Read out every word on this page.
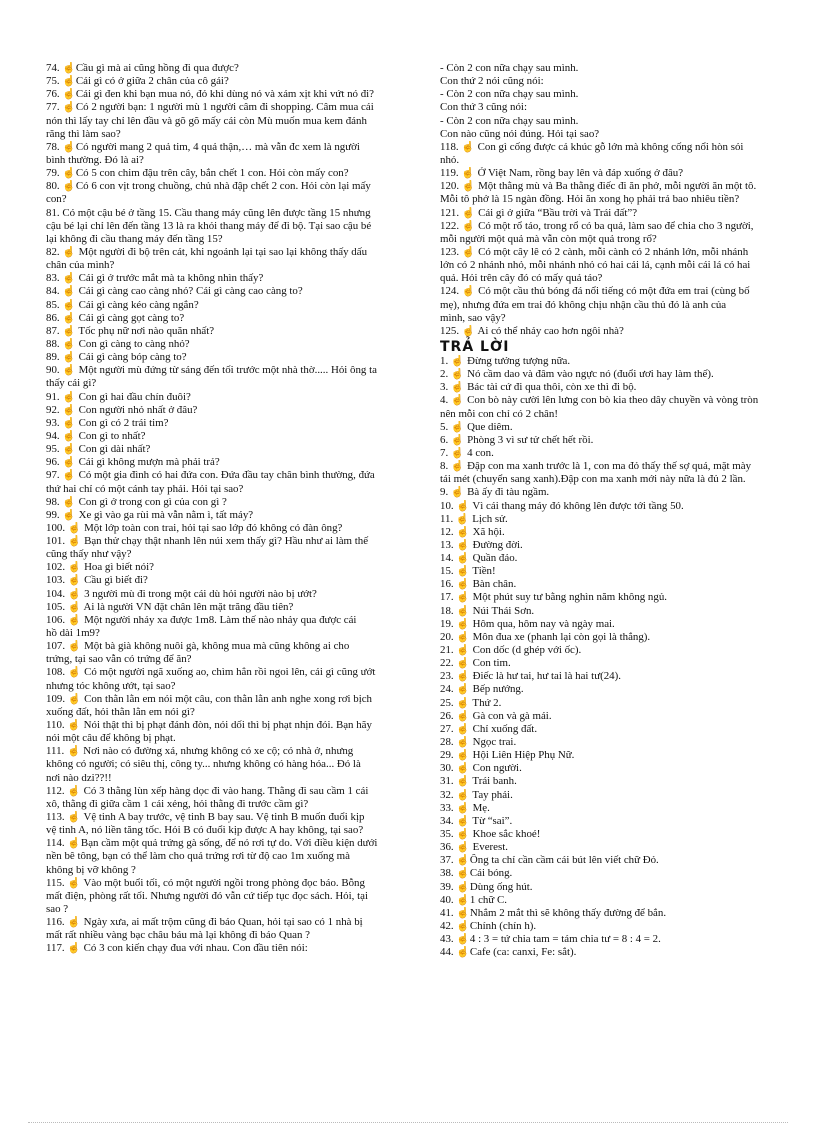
74. ☝Cầu gì mà ai cũng hồng đi qua được?
75. ☝Cái gì có ở giữa 2 chân của cô gái?
76. ☝Cái gì đen khi bạn mua nó, đỏ khi dùng nó và xám xịt khi vứt nó đi?
77. ☝Có 2 người bạn: 1 người mù 1 người câm đi shopping. Câm mua cái
nón thì lấy tay chỉ lên đầu và gõ gõ mấy cái còn Mù muốn mua kem đánh
răng thì làm sao?
78. ☝Có người mang 2 quả tim, 4 quả thận,… mà vẫn đc xem là người
bình thường. Đó là ai?
79. ☝Có 5 con chim đậu trên cây, bắn chết 1 con. Hỏi còn mấy con?
80. ☝Có 6 con vịt trong chuồng, chủ nhà đập chết 2 con. Hỏi còn lại mấy
con?
81. Có một cậu bé ở tầng 15. Cầu thang máy cũng lên được tầng 15 nhưng
cậu bé lại chỉ lên đến tầng 13 là ra khỏi thang máy để đi bộ. Tại sao cậu bé
lại không đi cầu thang máy đến tầng 15?
82. ☝ Một người đi bộ trên cát, khi ngoảnh lại tại sao lại không thấy dấu
chân của mình?
83. ☝ Cái gì ở trước mắt mà ta không nhìn thấy?
84. ☝ Cái gì càng cao càng nhỏ? Cái gì càng cao càng to?
85. ☝ Cái gì càng kéo càng ngắn?
86. ☝ Cái gì càng gọt càng to?
87. ☝ Tốc phụ nữ nơi nào quăn nhất?
88. ☝ Con gì càng to càng nhỏ?
89. ☝ Cái gì càng bóp càng to?
90. ☝ Một người mù đứng từ sáng đến tối trước một nhà thờ..... Hỏi ông ta
thấy cái gì?
91. ☝ Con gì hai đầu chín đuôi?
92. ☝ Con người nhỏ nhất ở đâu?
93. ☝ Con gì có 2 trái tim?
94. ☝ Con gì to nhất?
95. ☝ Con gì dài nhất?
96. ☝ Cái gì không mượn mà phải trả?
97. ☝ Có một gia đình có hai đứa con. Đứa đầu tay chân bình thường, đứa
thứ hai chỉ có một cánh tay phải. Hỏi tại sao?
98. ☝ Con gì ở trong con gì của con gì ?
99. ☝ Xe gì vào ga rùi mà vẫn nằm ì, tất máy?
100. ☝ Một lớp toàn con trai, hỏi tại sao lớp đó không có đàn ông?
101. ☝ Bạn thử chạy thật nhanh lên núi xem thấy gì? Hầu như ai làm thế
cũng thấy như vậy?
102. ☝ Hoa gì biết nói?
103. ☝ Cầu gì biết đi?
104. ☝ 3 người mù đi trong một cái dù hỏi người nào bị ướt?
105. ☝ Ai là người VN đặt chân lên mặt trăng đầu tiên?
106. ☝ Một người nhảy xa được 1m8. Làm thế nào nhảy qua được cái
hồ dài 1m9?
107. ☝ Một bà già không nuôi gà, không mua mà cũng không ai cho
trứng, tại sao vẫn có trứng để ăn?
108. ☝ Có một người ngã xuống ao, chìm hẳn rồi ngoi lên, cái gì cũng ướt
nhưng tóc không ướt, tại sao?
109. ☝ Con thằn lằn em nói một câu, con thằn lằn anh nghe xong rơi bịch
xuống đất, hỏi thằn lằn em nói gì?
110. ☝ Nói thật thì bị phạt đánh đòn, nói dối thì bị phạt nhịn đói. Bạn hãy
nói một câu để không bị phạt.
111. ☝ Nơi nào có đường xá, nhưng không có xe cộ; có nhà ở, nhưng
không có người; có siêu thị, công ty... nhưng không có hàng hóa... Đó là
nơi nào dzi??!!
112. ☝ Có 3 thằng lùn xếp hàng dọc đi vào hang. Thằng đi sau cầm 1 cái
xô, thằng đi giữa cầm 1 cái xẻng, hỏi thằng đi trước cầm gì?
113. ☝ Vệ tinh A bay trước, vệ tinh B bay sau. Vệ tinh B muốn đuổi kịp
vệ tinh A, nó liền tăng tốc. Hỏi B có đuổi kịp được A hay không, tại sao?
114. ☝Bạn cầm một quả trứng gà sống, để nó rơi tự do. Với điều kiện dưới
nền bê tông, bạn có thể làm cho quả trứng rơi từ độ cao 1m xuống mà
không bị vỡ không ?
115. ☝ Vào một buổi tối, có một người ngồi trong phòng đọc báo. Bỗng
mất điện, phòng rất tối. Nhưng người đó vẫn cứ tiếp tục đọc sách. Hỏi, tại
sao ?
116. ☝ Ngày xưa, ai mất trộm cũng đi báo Quan, hỏi tại sao có 1 nhà bị
mất rất nhiều vàng bạc châu báu mà lại không đi báo Quan ?
117. ☝ Có 3 con kiến chạy đua với nhau. Con đầu tiên nói:
- Còn 2 con nữa chạy sau mình.
Con thứ 2 nói cũng nói:
- Còn 2 con nữa chạy sau mình.
Con thứ 3 cũng nói:
- Còn 2 con nữa chạy sau mình.
Con nào cũng nói đúng. Hỏi tại sao?
118. ☝ Con gì cống được cả khúc gỗ lớn mà không cống nổi hòn sỏi
nhỏ.
119. ☝ Ở Việt Nam, rồng bay lên và đáp xuống ở đâu?
120. ☝ Một thằng mù và Ba thằng điếc đi ăn phở, mỗi người ăn một tô.
Mỗi tô phở là 15 ngàn đồng. Hỏi ăn xong họ phải trả bao nhiêu tiền?
121. ☝ Cái gì ở giữa “Bầu trời và Trái đất”?
122. ☝ Có một rổ táo, trong rổ có ba quả, làm sao để chia cho 3 người,
mỗi người một quả mà vẫn còn một quả trong rổ?
123. ☝ Có một cây lê có 2 cành, mỗi cành có 2 nhánh lớn, mỗi nhánh
lớn có 2 nhánh nhỏ, mỗi nhánh nhỏ có hai cái lá, cạnh mỗi cái lá có hai
quả. Hỏi trên cây đó có mấy quả táo?
124. ☝ Có một cầu thủ bóng đá nổi tiếng có một đứa em trai (cùng bố
mẹ), nhưng đứa em trai đó không chịu nhận cầu thủ đó là anh của
mình, sao vậy?
125. ☝ Ai có thể nhảy cao hơn ngôi nhà?
TRẢ LỜI
1. ☝ Đừng tưởng tượng nữa.
2. ☝ Nó cầm dao và đâm vào ngực nó (đuổi ươi hay làm thế).
3. ☝ Bác tài cứ đi qua thôi, còn xe thì đi bộ.
4. ☝ Con bò này cười lên lưng con bò kia theo dây chuyền và vòng tròn
nên mỗi con chỉ có 2 chân!
5. ☝ Que diêm.
6. ☝ Phòng 3 vì sư tử chết hết rồi.
7. ☝ 4 con.
8. ☝ Đập con ma xanh trước là 1, con ma đỏ thấy thế sợ quá, mặt mày
tái mét (chuyển sang xanh).Đập con ma xanh mới này nữa là đủ 2 lần.
9. ☝ Bà ấy đi tàu ngầm.
10. ☝ Vì cái thang máy đó không lên được tới tầng 50.
11. ☝ Lịch sử.
12. ☝ Xã hội.
13. ☝ Đường đời.
14. ☝ Quần đảo.
15. ☝ Tiền!
16. ☝ Bàn chân.
17. ☝ Một phút suy tư bằng nghìn năm không ngủ.
18. ☝ Núi Thái Sơn.
19. ☝ Hôm qua, hôm nay và ngày mai.
20. ☝ Môn đua xe (phanh lại còn gọi là thắng).
21. ☝ Con dốc (d ghép với ốc).
22. ☝ Con tim.
23. ☝ Điếc là hư tai, hư tai là hai tư(24).
24. ☝ Bếp nướng.
25. ☝ Thứ 2.
26. ☝ Gà con và gà mái.
27. ☝ Chỉ xuống đất.
28. ☝ Ngọc trai.
29. ☝ Hội Liên Hiệp Phụ Nữ.
30. ☝ Con người.
31. ☝ Trái banh.
32. ☝ Tay phải.
33. ☝ Mẹ.
34. ☝ Từ “sai”.
35. ☝ Khoe sắc khoé!
36. ☝ Everest.
37. ☝Ông ta chỉ cần cầm cái bút lên viết chữ Đỏ.
38. ☝Cái bóng.
39. ☝Dùng ống hút.
40. ☝1 chữ C.
41. ☝Nhắm 2 mắt thì sẽ không thấy đường để bắn.
42. ☝Chính (chín h).
43. ☝4 : 3 = tứ chia tam = tám chia tư = 8 : 4 = 2.
44. ☝Cafe (ca: canxi, Fe: sắt).
